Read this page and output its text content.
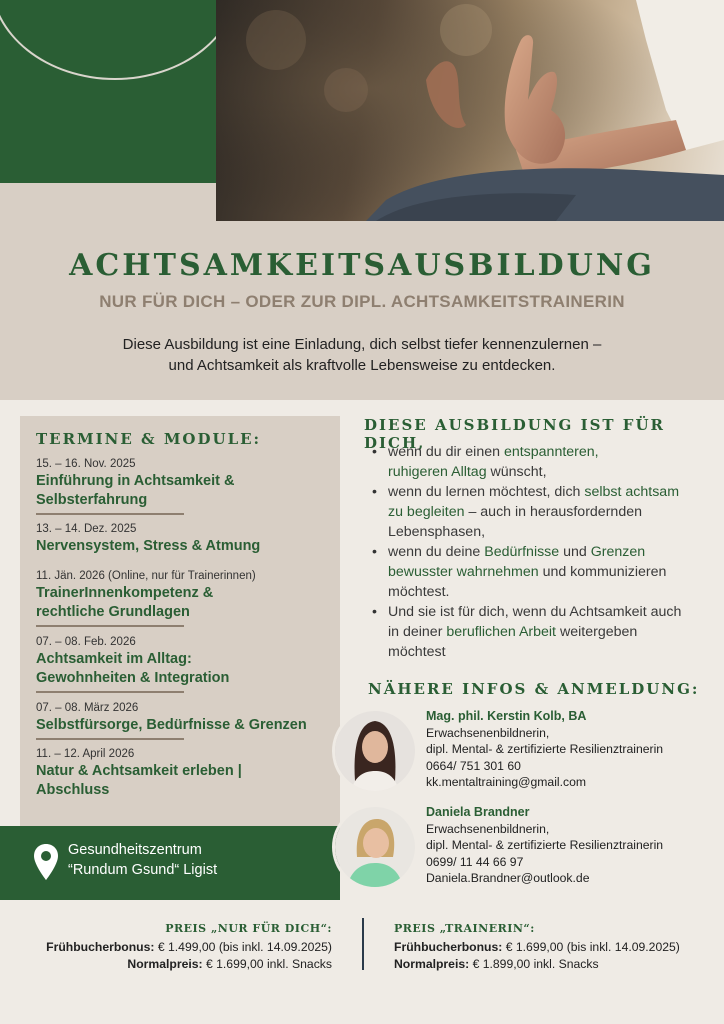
ACHTSAMKEITSAUSBILDUNG
NUR FÜR DICH – ODER ZUR DIPL. ACHTSAMKEITSTRAINERIN
Diese Ausbildung ist eine Einladung, dich selbst tiefer kennenzulernen –
und Achtsamkeit als kraftvolle Lebensweise zu entdecken.
TERMINE & MODULE:
15. – 16. Nov. 2025
Einführung in Achtsamkeit &
Selbsterfahrung
13. – 14. Dez. 2025
Nervensystem, Stress & Atmung
11. Jän. 2026 (Online, nur für Trainerinnen)
TrainerInnenkompetenz &
rechtliche Grundlagen
07. – 08. Feb. 2026
Achtsamkeit im Alltag:
Gewohnheiten & Integration
07. – 08. März 2026
Selbstfürsorge, Bedürfnisse & Grenzen
11. – 12. April 2026
Natur & Achtsamkeit erleben |
Abschluss
Gesundheitszentrum
“Rundum Gsund“ Ligist
DIESE AUSBILDUNG IST FÜR DICH,
• wenn du dir einen entspannteren,
ruhigeren Alltag wünscht,
• wenn du lernen möchtest, dich selbst achtsam zu begleiten – auch in herausfordernden Lebensphasen,
• wenn du deine Bedürfnisse und Grenzen bewusster wahrnehmen und kommunizieren möchtest.
• Und sie ist für dich, wenn du Achtsamkeit auch in deiner beruflichen Arbeit weitergeben möchtest
NÄHERE INFOS & ANMELDUNG:
Mag. phil. Kerstin Kolb, BA
Erwachsenenbildnerin,
dipl. Mental- & zertifizierte Resilienztrainerin
0664/ 751 301 60
kk.mentaltraining@gmail.com
Daniela Brandner
Erwachsenenbildnerin,
dipl. Mental- & zertifizierte Resilienztrainerin
0699/ 11 44 66 97
Daniela.Brandner@outlook.de
PREIS „NUR FÜR DICH“:
Frühbucherbonus: € 1.499,00 (bis inkl. 14.09.2025)
Normalpreis: € 1.699,00 inkl. Snacks
PREIS „TRAINERIN“:
Frühbucherbonus: € 1.699,00 (bis inkl. 14.09.2025)
Normalpreis: € 1.899,00 inkl. Snacks
